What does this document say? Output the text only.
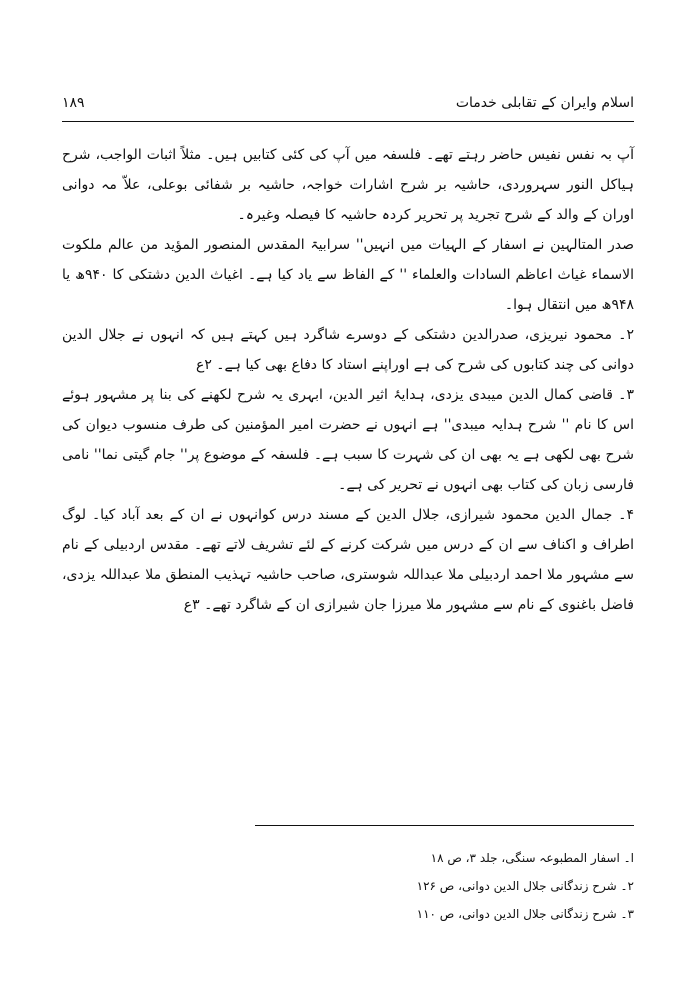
اسلام وایران کے تقابلی خدمات
۱۸۹

آپ بہ نفس نفیس حاضر رہتے تھے۔ فلسفہ میں آپ کی کئی کتابیں ہیں۔ مثلاً اثبات الواجب، شرح ہیاکل النور سہروردی، حاشیہ بر شرح اشارات خواجہ، حاشیہ بر شفائی بوعلی، علاّ مہ دوانی اوران کے والد کے شرح تجرید پر تحریر کردہ حاشیہ کا فیصلہ وغیرہ۔

صدر المتالہین نے اسفار کے الہیات میں انہیں'' سرابیۃ المقدس المنصور المؤید من عالم ملکوت الاسماء غیاث اعاظم السادات والعلماء '' کے الفاظ سے یاد کیا ہے۔ اغیاث الدین دشتکی کا ۹۴۰ھ یا ۹۴۸ھ میں انتقال ہوا۔

۲۔ محمود نیریزی، صدرالدین دشتکی کے دوسرے شاگرد ہیں کہتے ہیں کہ انہوں نے جلال الدین دوانی کی چند کتابوں کی شرح کی ہے اوراپنے استاد کا دفاع بھی کیا ہے۔ ۲ع

۳۔ قاضی کمال الدین میبدی یزدی، ہدایۂ اثیر الدین، ابہری یہ شرح لکھنے کی بنا پر مشہور ہوئے اس کا نام '' شرح ہدایہ میبدی'' ہے انہوں نے حضرت امیر المؤمنین کی طرف منسوب دیوان کی شرح بھی لکھی ہے یہ بھی ان کی شہرت کا سبب ہے۔ فلسفہ کے موضوع پر'' جام گیتی نما'' نامی فارسی زبان کی کتاب بھی انہوں نے تحریر کی ہے۔

۴۔ جمال الدین محمود شیرازی، جلال الدین کے مسند درس کوانہوں نے ان کے بعد آباد کیا۔ لوگ اطراف و اکناف سے ان کے درس میں شرکت کرنے کے لئے تشریف لاتے تھے۔ مقدس اردبیلی کے نام سے مشہور ملا احمد اردبیلی ملا عبداللہ شوستری، صاحب حاشیہ تہذیب المنطق ملا عبداللہ یزدی، فاضل باغنوی کے نام سے مشہور ملا میرزا جان شیرازی ان کے شاگرد تھے۔ ۳ع

ا۔ اسفار المطبوعہ سنگی، جلد ۳، ص ۱۸
۲۔ شرح زندگانی جلال الدین دوانی، ص ۱۲۶
۳۔ شرح زندگانی جلال الدین دوانی، ص ۱۱۰
